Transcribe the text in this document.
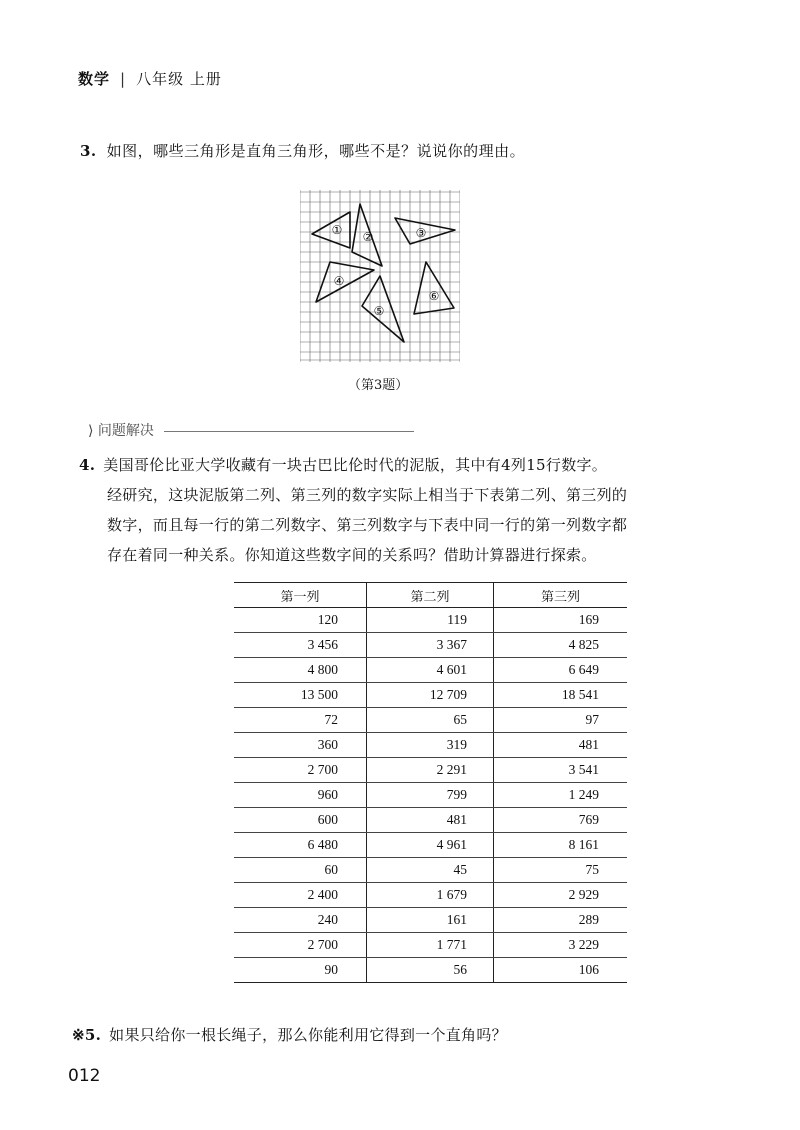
数学 | 八年级 上册
3. 如图，哪些三角形是直角三角形，哪些不是？说说你的理由。
① ②	③
④
⑤
⑥
（第3题）
⟩ 问题解决
4. 美国哥伦比亚大学收藏有一块古巴比伦时代的泥版，其中有4列15行数字。
经研究，这块泥版第二列、第三列的数字实际上相当于下表第二列、第三列的
数字，而且每一行的第二列数字、第三列数字与下表中同一行的第一列数字都
存在着同一种关系。你知道这些数字间的关系吗？借助计算器进行探索。
第一列	第二列	第三列
120	119	169
3 456	3 367	4 825
4 800	4 601	6 649
13 500	12 709	18 541
72	65	97
360	319	481
2 700	2 291	3 541
960	799	1 249
600	481	769
6 480	4 961	8 161
60	45	75
2 400	1 679	2 929
240	161	289
2 700	1 771	3 229
90	56	106
※5. 如果只给你一根长绳子，那么你能利用它得到一个直角吗？
012
